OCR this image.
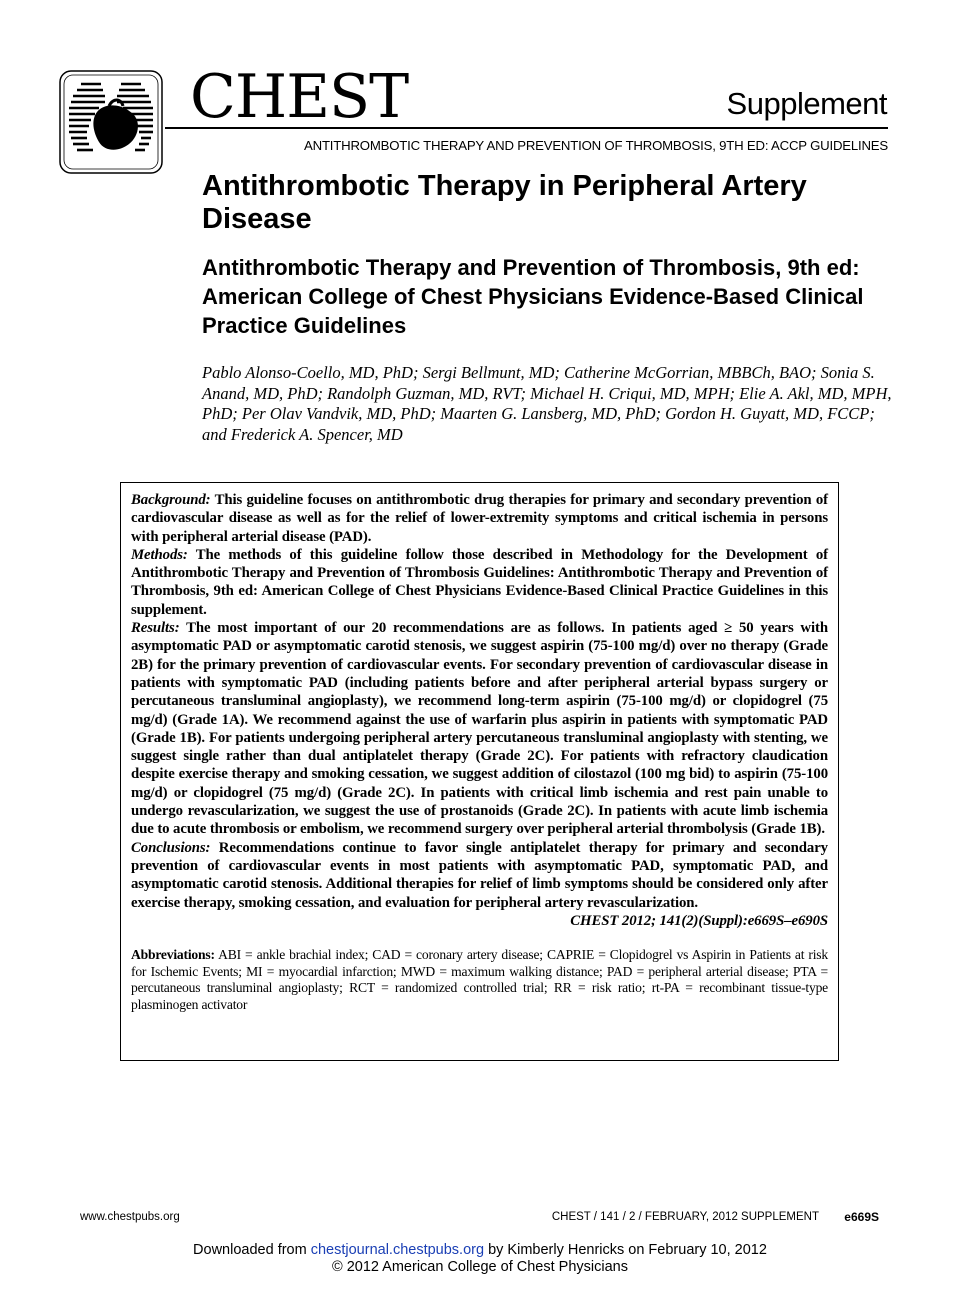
CHEST	Supplement
ANTITHROMBOTIC THERAPY AND PREVENTION OF THROMBOSIS, 9TH ED: ACCP GUIDELINES
Antithrombotic Therapy in Peripheral Artery Disease
Antithrombotic Therapy and Prevention of Thrombosis, 9th ed: American College of Chest Physicians Evidence-Based Clinical Practice Guidelines

Pablo Alonso-Coello, MD, PhD; Sergi Bellmunt, MD; Catherine McGorrian, MBBCh, BAO; Sonia S. Anand, MD, PhD; Randolph Guzman, MD, RVT; Michael H. Criqui, MD, MPH; Elie A. Akl, MD, MPH, PhD; Per Olav Vandvik, MD, PhD; Maarten G. Lansberg, MD, PhD; Gordon H. Guyatt, MD, FCCP; and Frederick A. Spencer, MD

Background: This guideline focuses on antithrombotic drug therapies for primary and secondary prevention of cardiovascular disease as well as for the relief of lower-extremity symptoms and critical ischemia in persons with peripheral arterial disease (PAD).

Methods: The methods of this guideline follow those described in Methodology for the Development of Antithrombotic Therapy and Prevention of Thrombosis Guidelines: Antithrombotic Therapy and Prevention of Thrombosis, 9th ed: American College of Chest Physicians Evidence-Based Clinical Practice Guidelines in this supplement.

Results: The most important of our 20 recommendations are as follows. In patients aged ≥ 50 years with asymptomatic PAD or asymptomatic carotid stenosis, we suggest aspirin (75-100 mg/d) over no therapy (Grade 2B) for the primary prevention of cardiovascular events. For secondary prevention of cardiovascular disease in patients with symptomatic PAD (including patients before and after peripheral arterial bypass surgery or percutaneous transluminal angioplasty), we recommend long-term aspirin (75-100 mg/d) or clopidogrel (75 mg/d) (Grade 1A). We recommend against the use of warfarin plus aspirin in patients with symptomatic PAD (Grade 1B). For patients undergoing peripheral artery percutaneous transluminal angioplasty with stenting, we suggest single rather than dual antiplatelet therapy (Grade 2C). For patients with refractory claudication despite exercise therapy and smoking cessation, we suggest addition of cilostazol (100 mg bid) to aspirin (75-100 mg/d) or clopidogrel (75 mg/d) (Grade 2C). In patients with critical limb ischemia and rest pain unable to undergo revascularization, we suggest the use of prostanoids (Grade 2C). In patients with acute limb ischemia due to acute thrombosis or embolism, we recommend surgery over peripheral arterial thrombolysis (Grade 1B).

Conclusions: Recommendations continue to favor single antiplatelet therapy for primary and secondary prevention of cardiovascular events in most patients with asymptomatic PAD, symptomatic PAD, and asymptomatic carotid stenosis. Additional therapies for relief of limb symptoms should be considered only after exercise therapy, smoking cessation, and evaluation for peripheral artery revascularization.
CHEST 2012; 141(2)(Suppl):e669S–e690S

Abbreviations: ABI = ankle brachial index; CAD = coronary artery disease; CAPRIE = Clopidogrel vs Aspirin in Patients at risk for Ischemic Events; MI = myocardial infarction; MWD = maximum walking distance; PAD = peripheral arterial disease; PTA = percutaneous transluminal angioplasty; RCT = randomized controlled trial; RR = risk ratio; rt-PA = recombinant tissue-type plasminogen activator

www.chestpubs.org	CHEST / 141 / 2 / FEBRUARY, 2012 SUPPLEMENT e669S
Downloaded from chestjournal.chestpubs.org by Kimberly Henricks on February 10, 2012
© 2012 American College of Chest Physicians
